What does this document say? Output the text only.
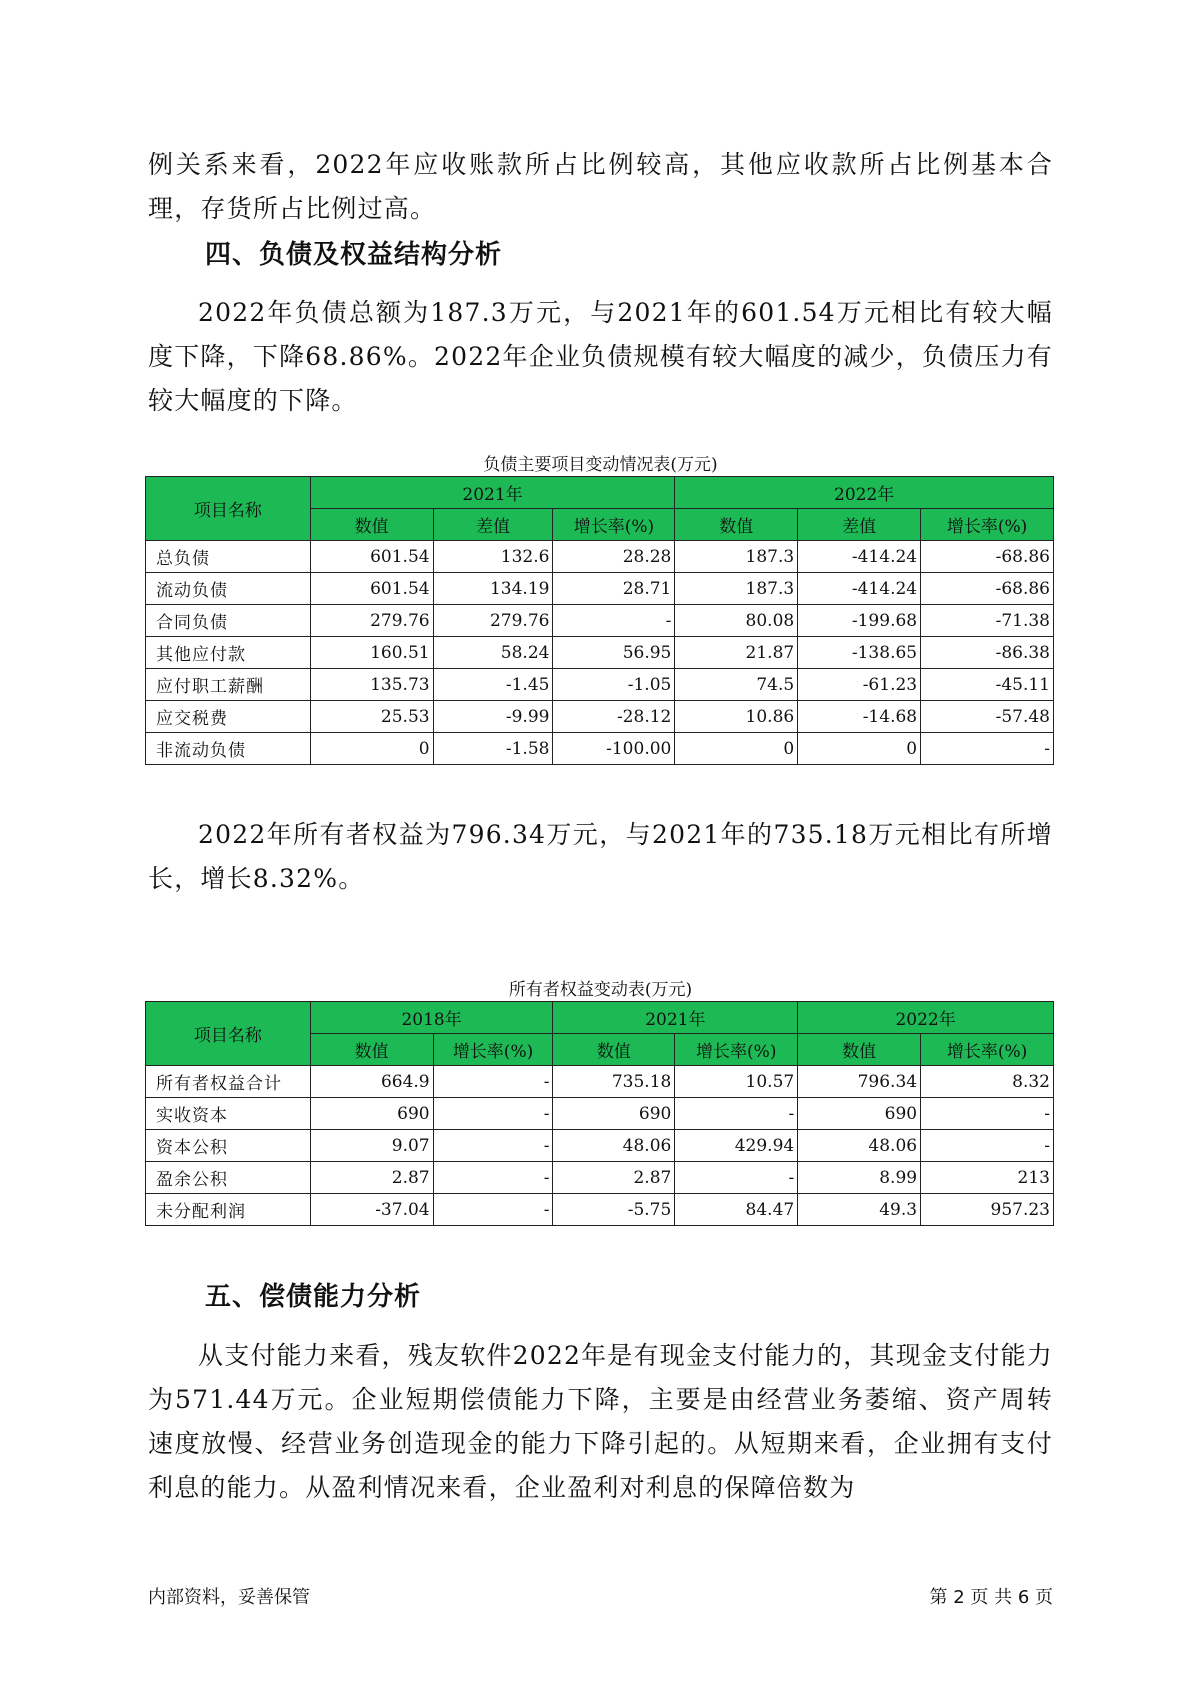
例关系来看，2022年应收账款所占比例较高，其他应收款所占比例基本合理，存货所占比例过高。

四、负债及权益结构分析

2022年负债总额为187.3万元，与2021年的601.54万元相比有较大幅度下降，下降68.86%。2022年企业负债规模有较大幅度的减少，负债压力有较大幅度的下降。

负债主要项目变动情况表(万元)

项目名称	2021年			2022年		
	数值	差值	增长率(%)	数值	差值	增长率(%)
总负债	601.54	132.6	28.28	187.3	-414.24	-68.86
流动负债	601.54	134.19	28.71	187.3	-414.24	-68.86
合同负债	279.76	279.76	-	80.08	-199.68	-71.38
其他应付款	160.51	58.24	56.95	21.87	-138.65	-86.38
应付职工薪酬	135.73	-1.45	-1.05	74.5	-61.23	-45.11
应交税费	25.53	-9.99	-28.12	10.86	-14.68	-57.48
非流动负债	0	-1.58	-100.00	0	0	-

2022年所有者权益为796.34万元，与2021年的735.18万元相比有所增长，增长8.32%。

所有者权益变动表(万元)

项目名称	2018年		2021年		2022年	
	数值	增长率(%)	数值	增长率(%)	数值	增长率(%)
所有者权益合计	664.9	-	735.18	10.57	796.34	8.32
实收资本	690	-	690	-	690	-
资本公积	9.07	-	48.06	429.94	48.06	-
盈余公积	2.87	-	2.87	-	8.99	213
未分配利润	-37.04	-	-5.75	84.47	49.3	957.23
五、偿债能力分析

从支付能力来看，残友软件2022年是有现金支付能力的，其现金支付能力为571.44万元。企业短期偿债能力下降，主要是由经营业务萎缩、资产周转速度放慢、经营业务创造现金的能力下降引起的。从短期来看，企业拥有支付利息的能力。从盈利情况来看，企业盈利对利息的保障倍数为

内部资料，妥善保管	第 2 页 共 6 页
